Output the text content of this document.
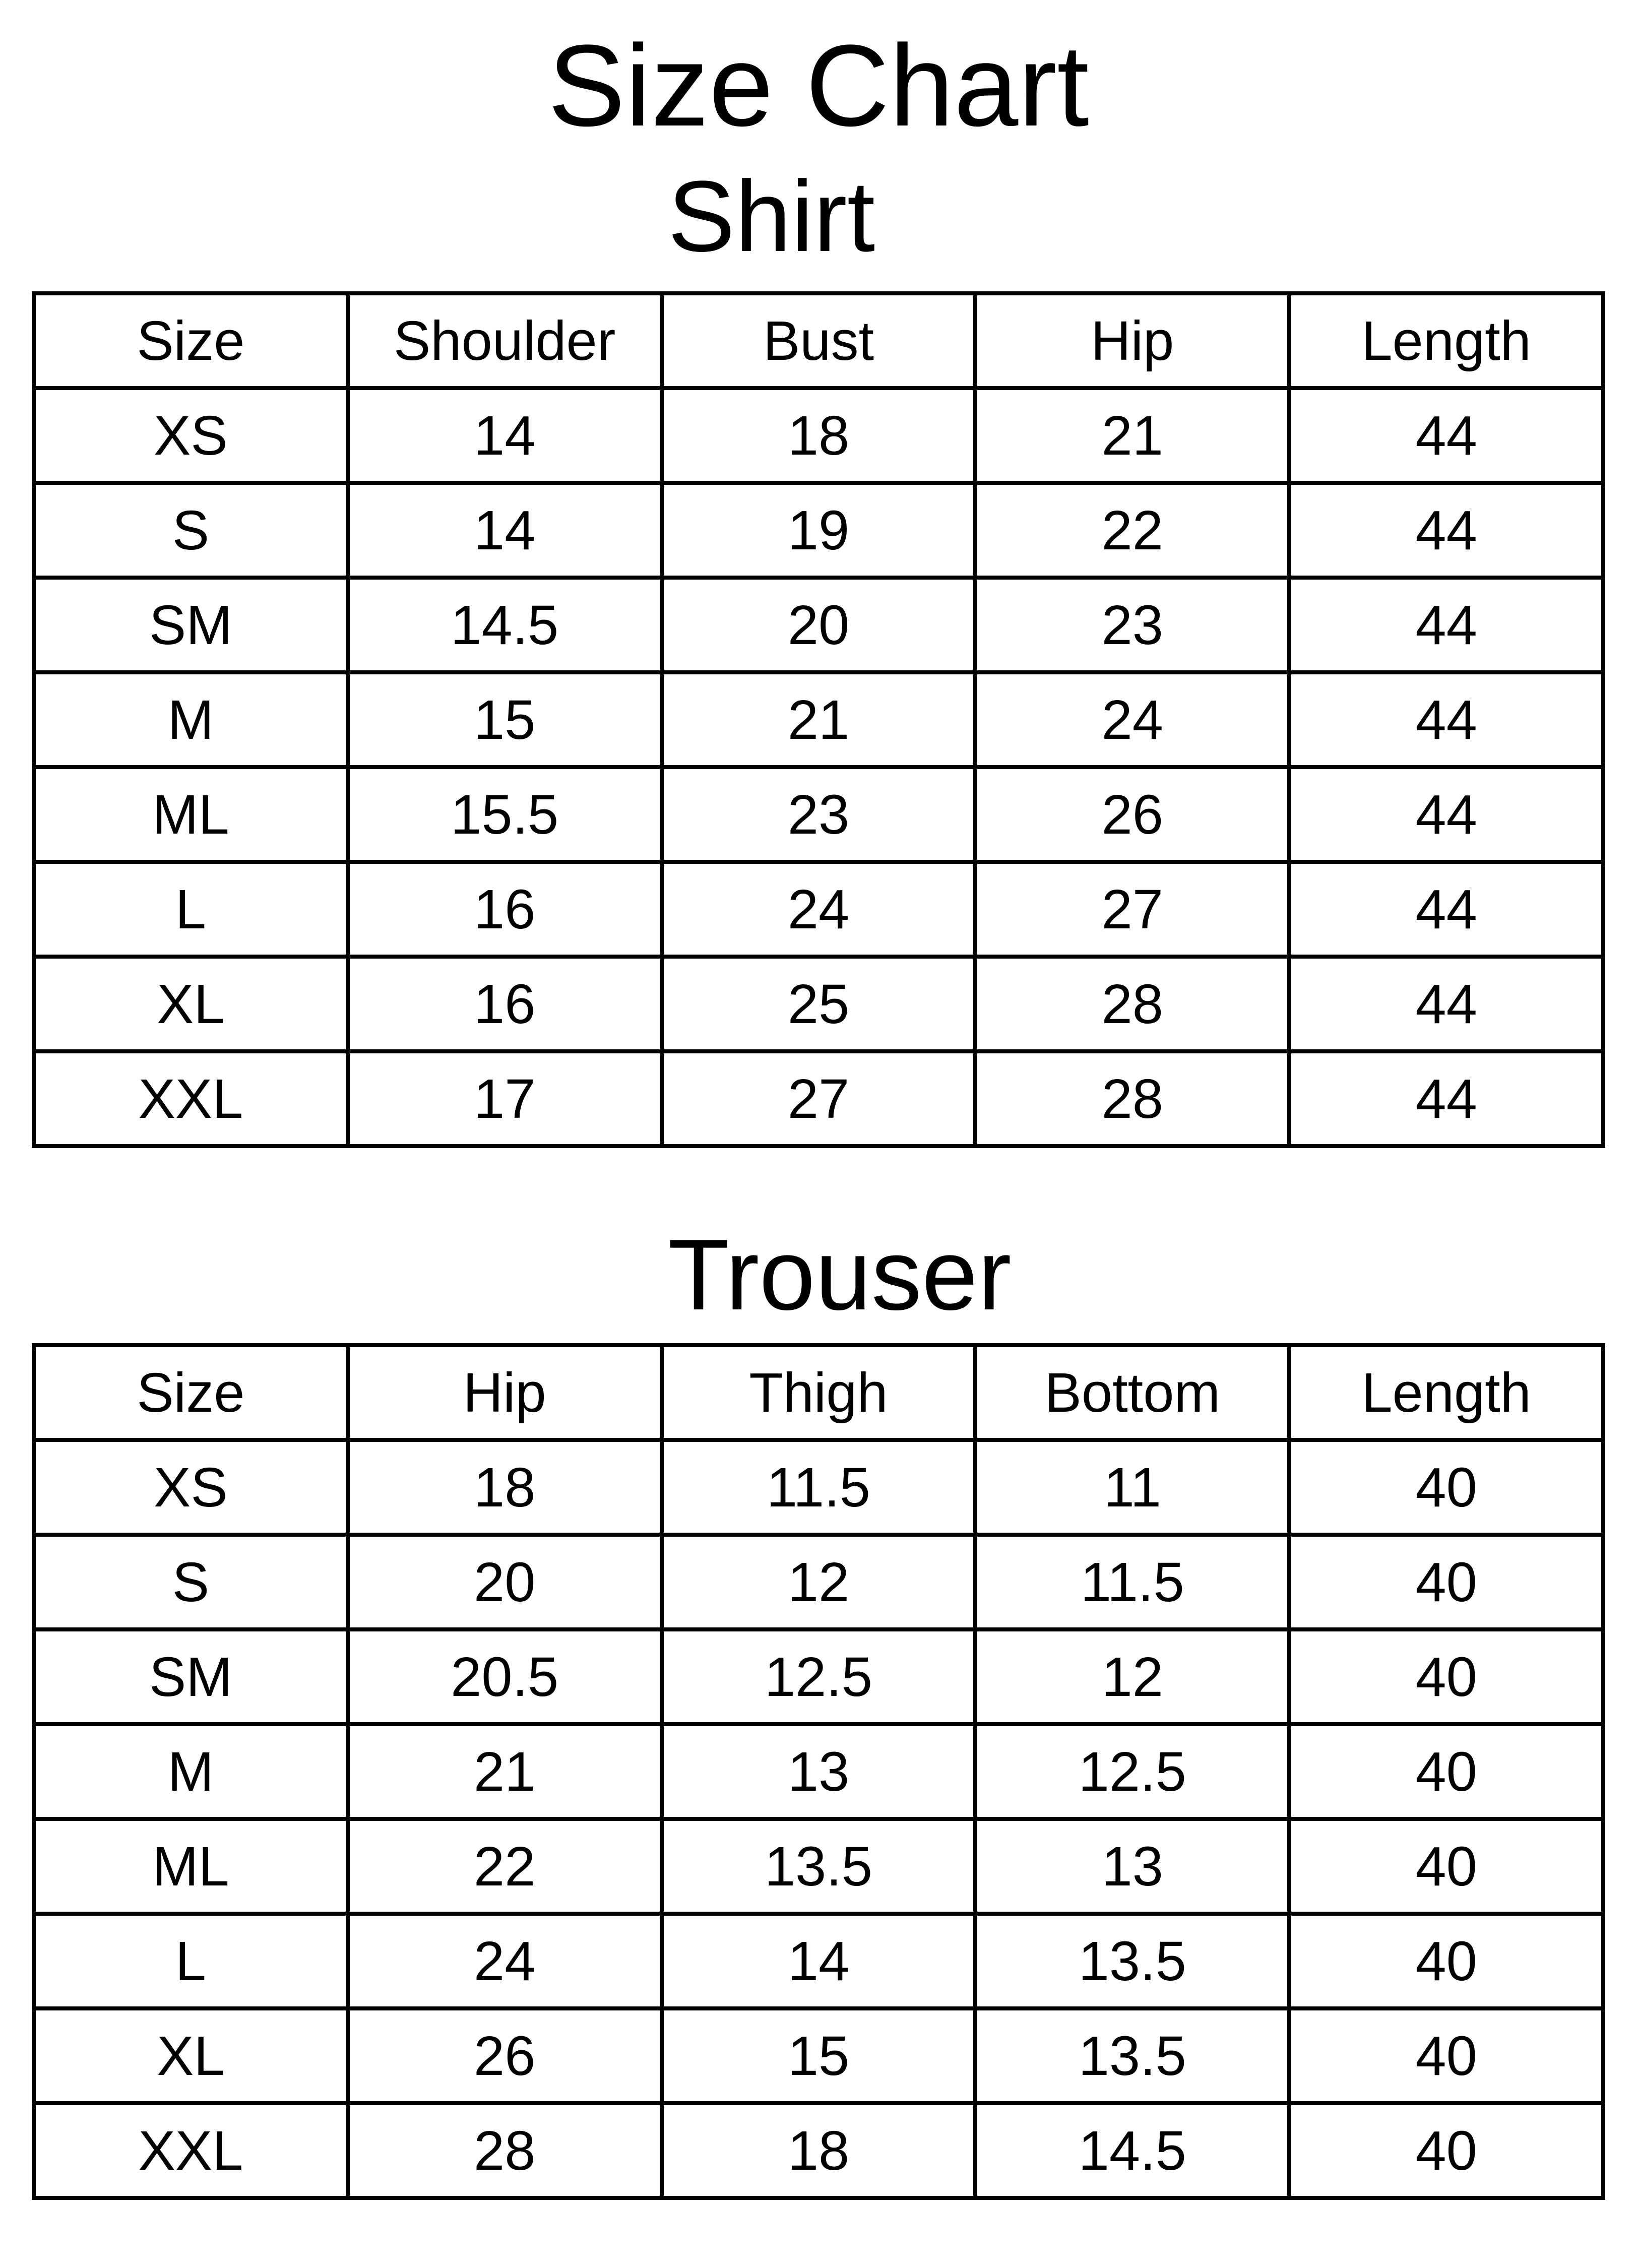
Size Chart
Shirt
Size	Shoulder	Bust	Hip	Length
XS	14	18	21	44
S	14	19	22	44
SM	14.5	20	23	44
M	15	21	24	44
ML	15.5	23	26	44
L	16	24	27	44
XL	16	25	28	44
XXL	17	27	28	44
Trouser
Size	Hip	Thigh	Bottom	Length
XS	18	11.5	11	40
S	20	12	11.5	40
SM	20.5	12.5	12	40
M	21	13	12.5	40
ML	22	13.5	13	40
L	24	14	13.5	40
XL	26	15	13.5	40
XXL	28	18	14.5	40
